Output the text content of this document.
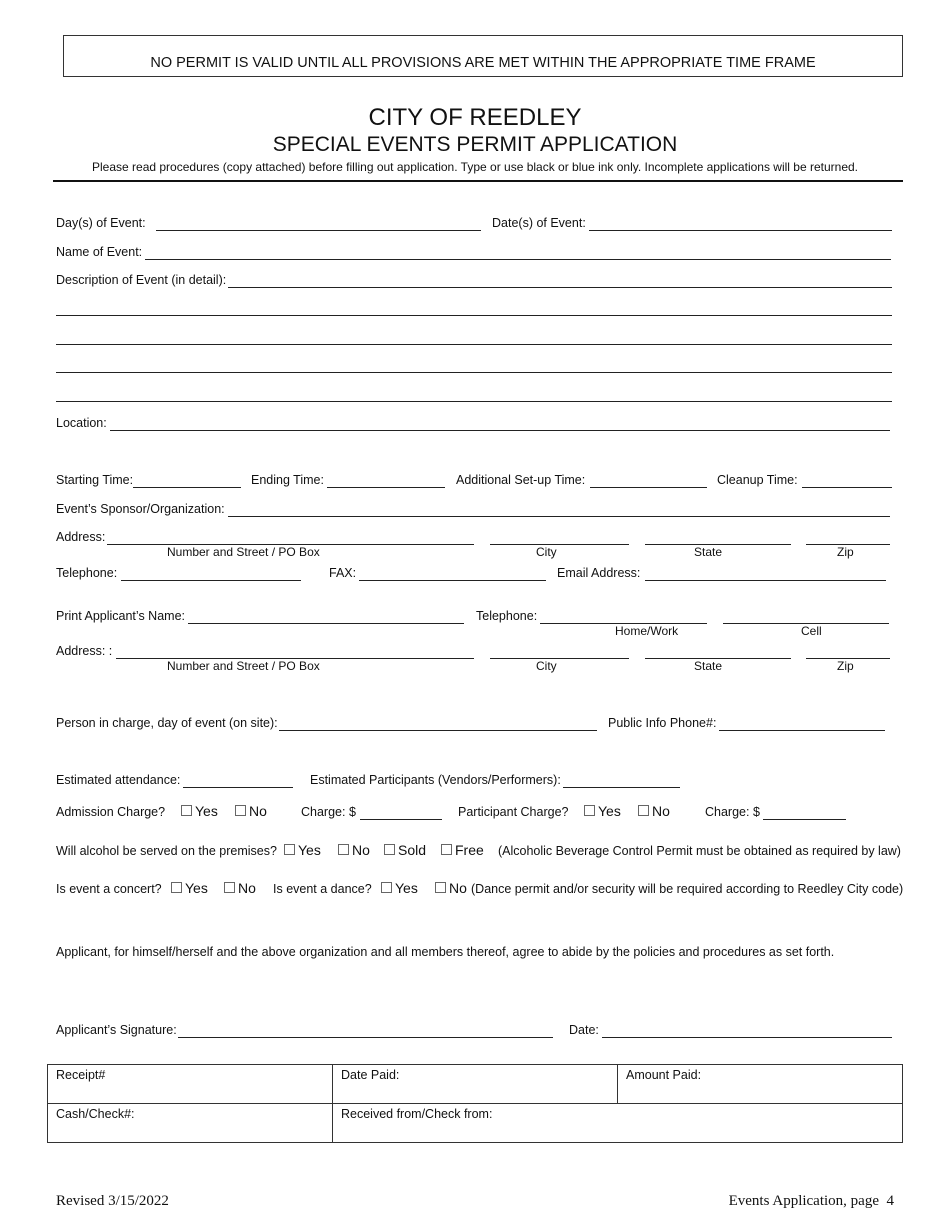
NO PERMIT IS VALID UNTIL ALL PROVISIONS ARE MET WITHIN THE APPROPRIATE TIME FRAME
CITY OF REEDLEY
SPECIAL EVENTS PERMIT APPLICATION
Please read procedures (copy attached) before filling out application. Type or use black or blue ink only. Incomplete applications will be returned.
Day(s) of Event:	Date(s) of Event:
Name of Event:
Description of Event (in detail):
Location:
Starting Time:	Ending Time:	Additional Set-up Time:	Cleanup Time:
Event’s Sponsor/Organization:
Address:
Number and Street / PO Box	City	State	Zip
Telephone:	FAX:	Email Address:
Print Applicant’s Name:	Telephone:
Home/Work	Cell
Address: :
Number and Street / PO Box	City	State	Zip
Person in charge, day of event (on site):	Public Info Phone#:
Estimated attendance:	Estimated Participants (Vendors/Performers):
Admission Charge?	Yes	No	Charge: $	Participant Charge?	Yes	No	Charge: $
Will alcohol be served on the premises?	Yes	No	Sold	Free (Alcoholic Beverage Control Permit must be obtained as required by law)
Is event a concert?	Yes	No Is event a dance?	Yes	No (Dance permit and/or security will be required according to Reedley City code)
Applicant, for himself/herself and the above organization and all members thereof, agree to abide by the policies and procedures as set forth.
Applicant’s Signature:	Date:
Receipt#	Date Paid:	Amount Paid:
Cash/Check#:	Received from/Check from:	
Revised 3/15/2022	Events Application, page  4
